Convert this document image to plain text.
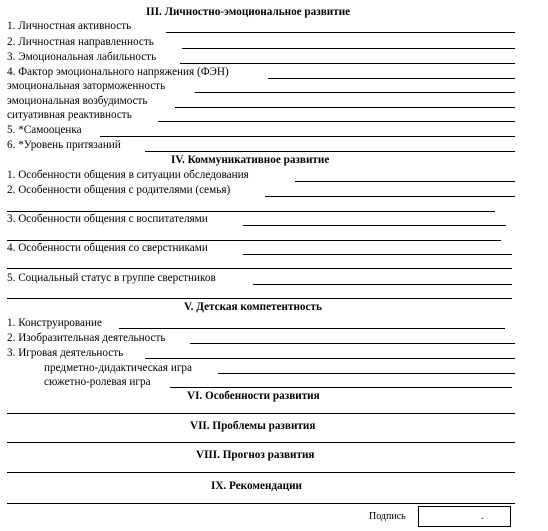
III. Личностно-эмоциональное развитие
1. Личностная активность
2. Личностная направленность
3. Эмоциональная лабильность
4. Фактор эмоционального напряжения (ФЭН)
эмоциональная заторможенность
эмоциональная возбудимость
ситуативная реактивность
5. *Самооценка
6. *Уровень притязаний
IV. Коммуникативное развитие
1. Особенности общения в ситуации обследования
2. Особенности общения с родителями (семья)
3. Особенности общения с воспитателями
4. Особенности общения со сверстниками
5. Социальный статус в группе сверстников
V. Детская компетентность
1. Конструирование
2. Изобразительная деятельность
3. Игровая деятельность
предметно-дидактическая игра
сюжетно-ролевая игра
VI. Особенности развития
VII. Проблемы развития
VIII. Прогноз развития
IX. Рекомендации
Подпись	.
